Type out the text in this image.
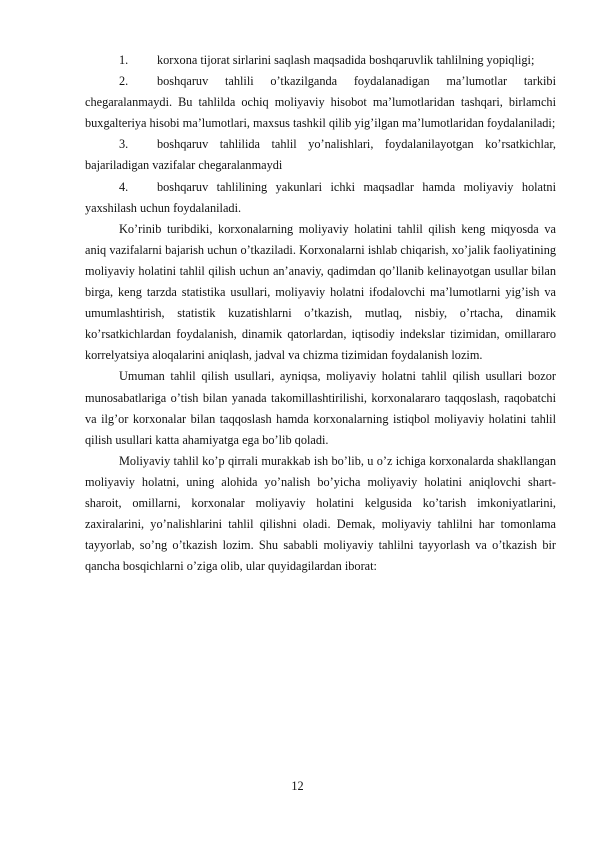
1. korxona tijorat sirlarini saqlash maqsadida boshqaruvlik tahlilning yopiqligi;

2. boshqaruv tahlili o’tkazilganda foydalanadigan ma’lumotlar tarkibi chegaralanmaydi. Bu tahlilda ochiq moliyaviy hisobot ma’lumotlaridan tashqari, birlamchi buxgalteriya hisobi ma’lumotlari, maxsus tashkil qilib yig’ilgan ma’lumotlaridan foydalaniladi;

3. boshqaruv tahlilida tahlil yo’nalishlari, foydalanilayotgan ko’rsatkichlar, bajariladigan vazifalar chegaralanmaydi

4. boshqaruv tahlilining yakunlari ichki maqsadlar hamda moliyaviy holatni yaxshilash uchun foydalaniladi.

Ko’rinib turibdiki, korxonalarning moliyaviy holatini tahlil qilish keng miqyosda va aniq vazifalarni bajarish uchun o’tkaziladi. Korxonalarni ishlab chiqarish, xo’jalik faoliyatining moliyaviy holatini tahlil qilish uchun an’anaviy, qadimdan qo’llanib kelinayotgan usullar bilan birga, keng tarzda statistika usullari, moliyaviy holatni ifodalovchi ma’lumotlarni yig’ish va umumlashtirish, statistik kuzatishlarni o’tkazish, mutlaq, nisbiy, o’rtacha, dinamik ko’rsatkichlardan foydalanish, dinamik qatorlardan, iqtisodiy indekslar tizimidan, omillararo korrelyatsiya aloqalarini aniqlash, jadval va chizma tizimidan foydalanish lozim.

Umuman tahlil qilish usullari, ayniqsa, moliyaviy holatni tahlil qilish usullari bozor munosabatlariga o’tish bilan yanada takomillashtirilishi, korxonalararo taqqoslash, raqobatchi va ilg’or korxonalar bilan taqqoslash hamda korxonalarning istiqbol moliyaviy holatini tahlil qilish usullari katta ahamiyatga ega bo’lib qoladi.

Moliyaviy tahlil ko’p qirrali murakkab ish bo’lib, u o’z ichiga korxonalarda shakllangan moliyaviy holatni, uning alohida yo’nalish bo’yicha moliyaviy holatini aniqlovchi shart-sharoit, omillarni, korxonalar moliyaviy holatini kelgusida ko’tarish imkoniyatlarini, zaxiralarini, yo’nalishlarini tahlil qilishni oladi. Demak, moliyaviy tahlilni har tomonlama tayyorlab, so’ng o’tkazish lozim. Shu sababli moliyaviy tahlilni tayyorlash va o’tkazish bir qancha bosqichlarni o’ziga olib, ular quyidagilardan iborat:

12
